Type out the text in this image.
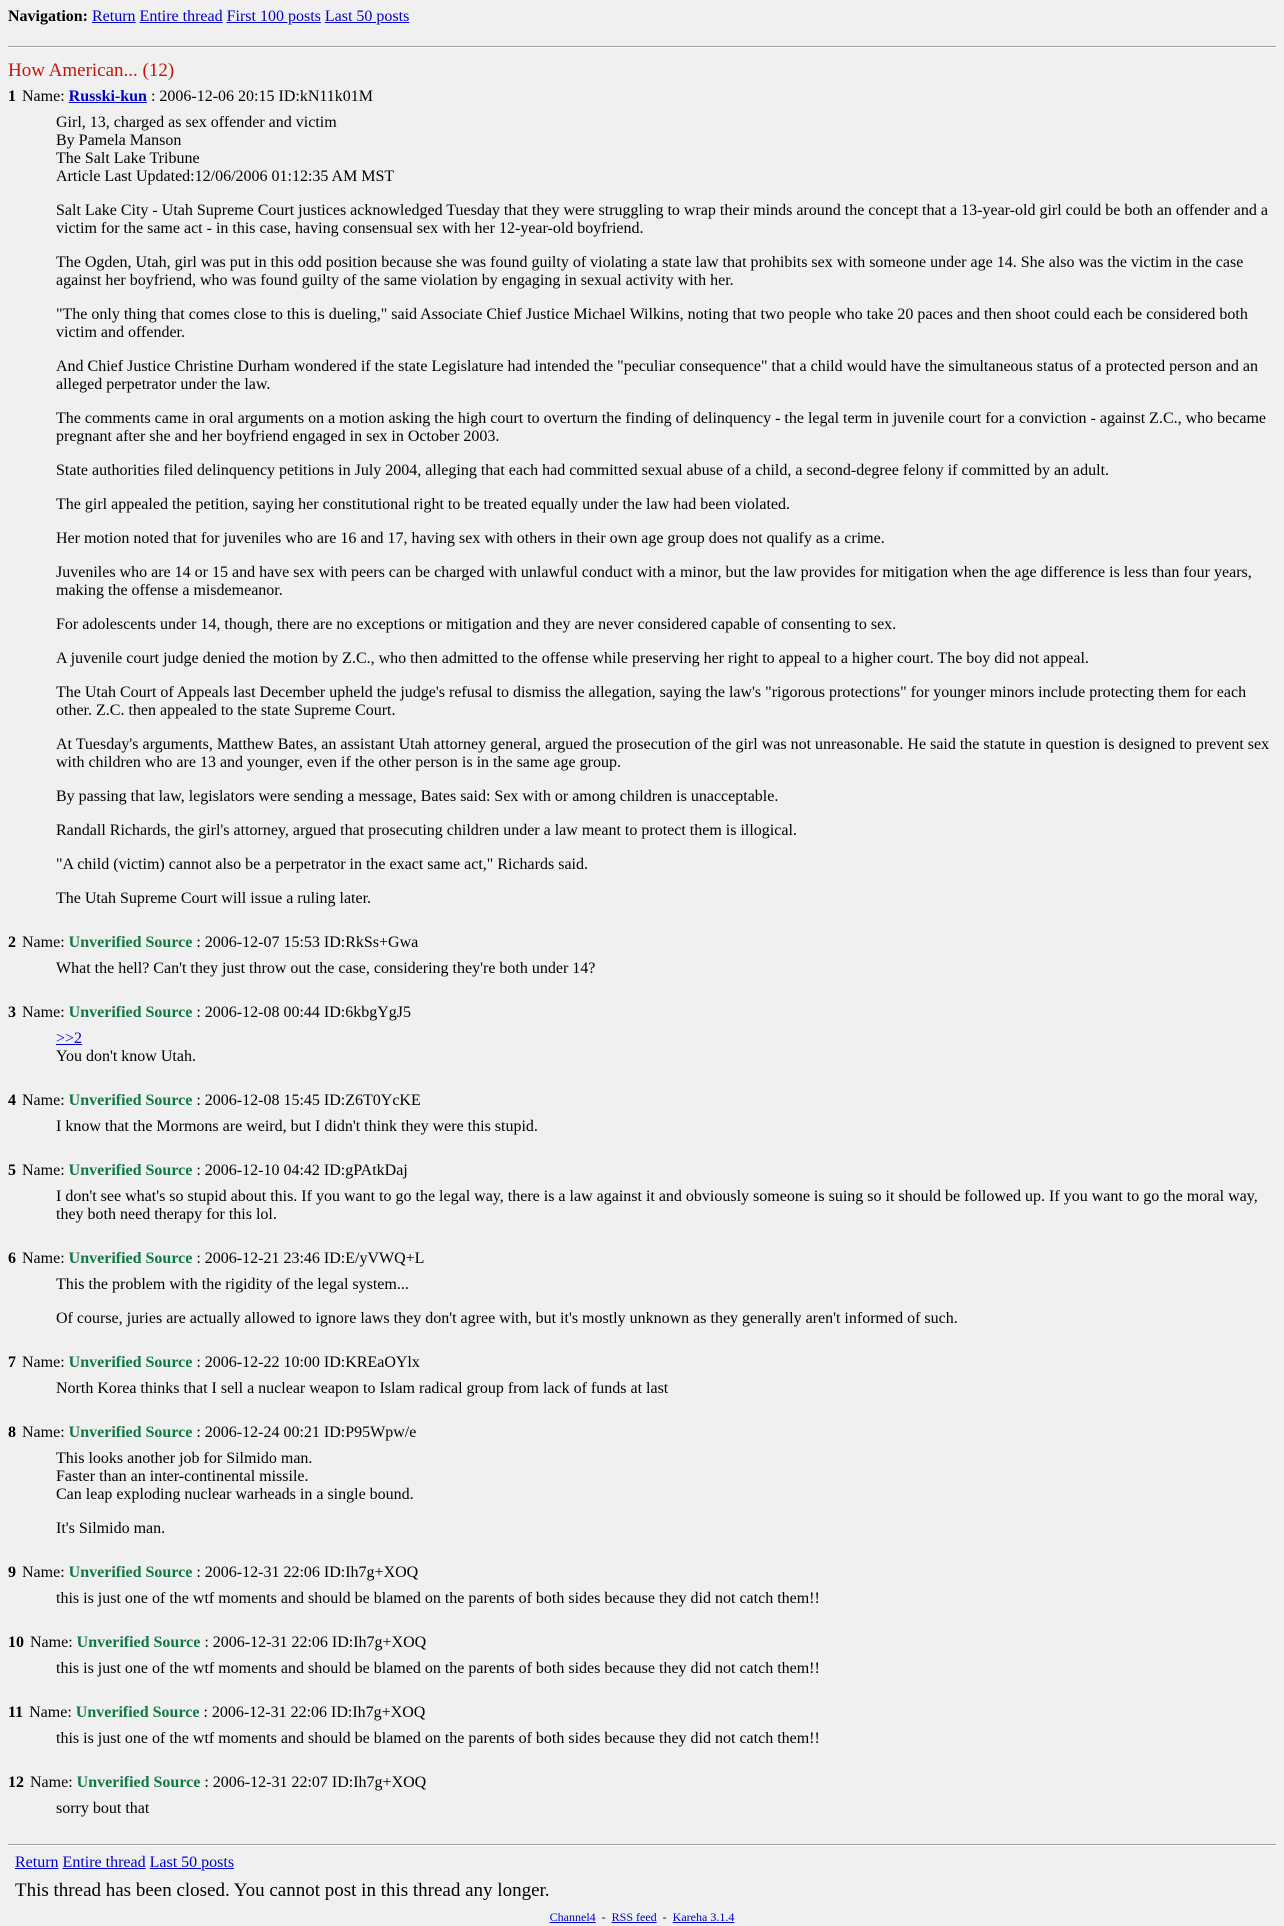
Navigation: Return Entire thread First 100 posts Last 50 posts
How American... (12)
1 Name: Russki-kun : 2006-12-06 20:15 ID:kN11k01M

Girl, 13, charged as sex offender and victim
By Pamela Manson
The Salt Lake Tribune
Article Last Updated:12/06/2006 01:12:35 AM MST

Salt Lake City - Utah Supreme Court justices acknowledged Tuesday that they were struggling to wrap their minds around the concept that a 13-year-old girl could be both an offender and a victim for the same act - in this case, having consensual sex with her 12-year-old boyfriend.

The Ogden, Utah, girl was put in this odd position because she was found guilty of violating a state law that prohibits sex with someone under age 14. She also was the victim in the case against her boyfriend, who was found guilty of the same violation by engaging in sexual activity with her.

"The only thing that comes close to this is dueling," said Associate Chief Justice Michael Wilkins, noting that two people who take 20 paces and then shoot could each be considered both victim and offender.

And Chief Justice Christine Durham wondered if the state Legislature had intended the "peculiar consequence" that a child would have the simultaneous status of a protected person and an alleged perpetrator under the law.

The comments came in oral arguments on a motion asking the high court to overturn the finding of delinquency - the legal term in juvenile court for a conviction - against Z.C., who became pregnant after she and her boyfriend engaged in sex in October 2003.

State authorities filed delinquency petitions in July 2004, alleging that each had committed sexual abuse of a child, a second-degree felony if committed by an adult.

The girl appealed the petition, saying her constitutional right to be treated equally under the law had been violated.

Her motion noted that for juveniles who are 16 and 17, having sex with others in their own age group does not qualify as a crime.

Juveniles who are 14 or 15 and have sex with peers can be charged with unlawful conduct with a minor, but the law provides for mitigation when the age difference is less than four years, making the offense a misdemeanor.

For adolescents under 14, though, there are no exceptions or mitigation and they are never considered capable of consenting to sex.

A juvenile court judge denied the motion by Z.C., who then admitted to the offense while preserving her right to appeal to a higher court. The boy did not appeal.

The Utah Court of Appeals last December upheld the judge's refusal to dismiss the allegation, saying the law's "rigorous protections" for younger minors include protecting them for each other. Z.C. then appealed to the state Supreme Court.

At Tuesday's arguments, Matthew Bates, an assistant Utah attorney general, argued the prosecution of the girl was not unreasonable. He said the statute in question is designed to prevent sex with children who are 13 and younger, even if the other person is in the same age group.

By passing that law, legislators were sending a message, Bates said: Sex with or among children is unacceptable.

Randall Richards, the girl's attorney, argued that prosecuting children under a law meant to protect them is illogical.

"A child (victim) cannot also be a perpetrator in the exact same act," Richards said.

The Utah Supreme Court will issue a ruling later.

2 Name: Unverified Source : 2006-12-07 15:53 ID:RkSs+Gwa

What the hell? Can't they just throw out the case, considering they're both under 14?

3 Name: Unverified Source : 2006-12-08 00:44 ID:6kbgYgJ5

>>2
You don't know Utah.

4 Name: Unverified Source : 2006-12-08 15:45 ID:Z6T0YcKE

I know that the Mormons are weird, but I didn't think they were this stupid.

5 Name: Unverified Source : 2006-12-10 04:42 ID:gPAtkDaj

I don't see what's so stupid about this. If you want to go the legal way, there is a law against it and obviously someone is suing so it should be followed up. If you want to go the moral way, they both need therapy for this lol.

6 Name: Unverified Source : 2006-12-21 23:46 ID:E/yVWQ+L

This the problem with the rigidity of the legal system...

Of course, juries are actually allowed to ignore laws they don't agree with, but it's mostly unknown as they generally aren't informed of such.

7 Name: Unverified Source : 2006-12-22 10:00 ID:KREaOYlx

North Korea thinks that I sell a nuclear weapon to Islam radical group from lack of funds at last

8 Name: Unverified Source : 2006-12-24 00:21 ID:P95Wpw/e

This looks another job for Silmido man.
Faster than an inter-continental missile.
Can leap exploding nuclear warheads in a single bound.

It's Silmido man.

9 Name: Unverified Source : 2006-12-31 22:06 ID:Ih7g+XOQ

this is just one of the wtf moments and should be blamed on the parents of both sides because they did not catch them!!

10 Name: Unverified Source : 2006-12-31 22:06 ID:Ih7g+XOQ

this is just one of the wtf moments and should be blamed on the parents of both sides because they did not catch them!!

11 Name: Unverified Source : 2006-12-31 22:06 ID:Ih7g+XOQ

this is just one of the wtf moments and should be blamed on the parents of both sides because they did not catch them!!

12 Name: Unverified Source : 2006-12-31 22:07 ID:Ih7g+XOQ

sorry bout that

Return Entire thread Last 50 posts
This thread has been closed. You cannot post in this thread any longer.
Channel4 - RSS feed - Kareha 3.1.4
